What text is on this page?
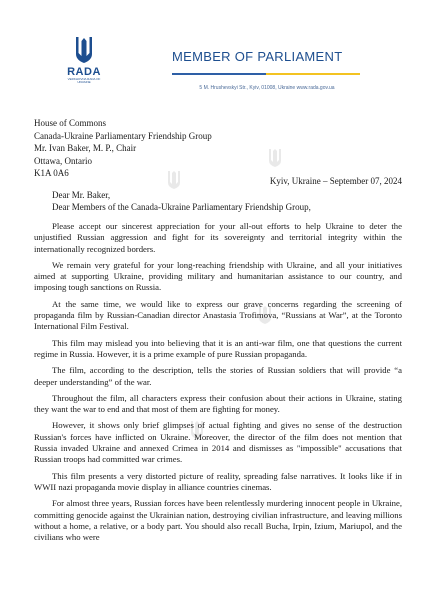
RADA
VERKHOVNA RADA OF UKRAINE
MEMBER OF PARLIAMENT
5 M. Hrushevskyi Str., Kyiv, 01008, Ukraine www.rada.gov.ua
House of Commons
Canada-Ukraine Parliamentary Friendship Group
Mr. Ivan Baker, M. P., Chair
Ottawa, Ontario
K1A 0A6
Kyiv, Ukraine – September 07, 2024
Dear Mr. Baker,
Dear Members of the Canada-Ukraine Parliamentary Friendship Group,

Please accept our sincerest appreciation for your all-out efforts to help Ukraine to deter the unjustified Russian aggression and fight for its sovereignty and territorial integrity within the internationally recognized borders.

We remain very grateful for your long-reaching friendship with Ukraine, and all your initiatives aimed at supporting Ukraine, providing military and humanitarian assistance to our country, and imposing tough sanctions on Russia.

At the same time, we would like to express our grave concerns regarding the screening of propaganda film by Russian-Canadian director Anastasia Trofimova, “Russians at War”, at the Toronto International Film Festival.

This film may mislead you into believing that it is an anti-war film, one that questions the current regime in Russia. However, it is a prime example of pure Russian propaganda.

The film, according to the description, tells the stories of Russian soldiers that will provide “a deeper understanding” of the war.

Throughout the film, all characters express their confusion about their actions in Ukraine, stating they want the war to end and that most of them are fighting for money.

However, it shows only brief glimpses of actual fighting and gives no sense of the destruction Russian's forces have inflicted on Ukraine. Moreover, the director of the film does not mention that Russia invaded Ukraine and annexed Crimea in 2014 and dismisses as "impossible" accusations that Russian troops had committed war crimes.

This film presents a very distorted picture of reality, spreading false narratives. It looks like if in WWII nazi propaganda movie display in alliance countries cinemas.

For almost three years, Russian forces have been relentlessly murdering innocent people in Ukraine, committing genocide against the Ukrainian nation, destroying civilian infrastructure, and leaving millions without a home, a relative, or a body part. You should also recall Bucha, Irpin, Izium, Mariupol, and the civilians who were
